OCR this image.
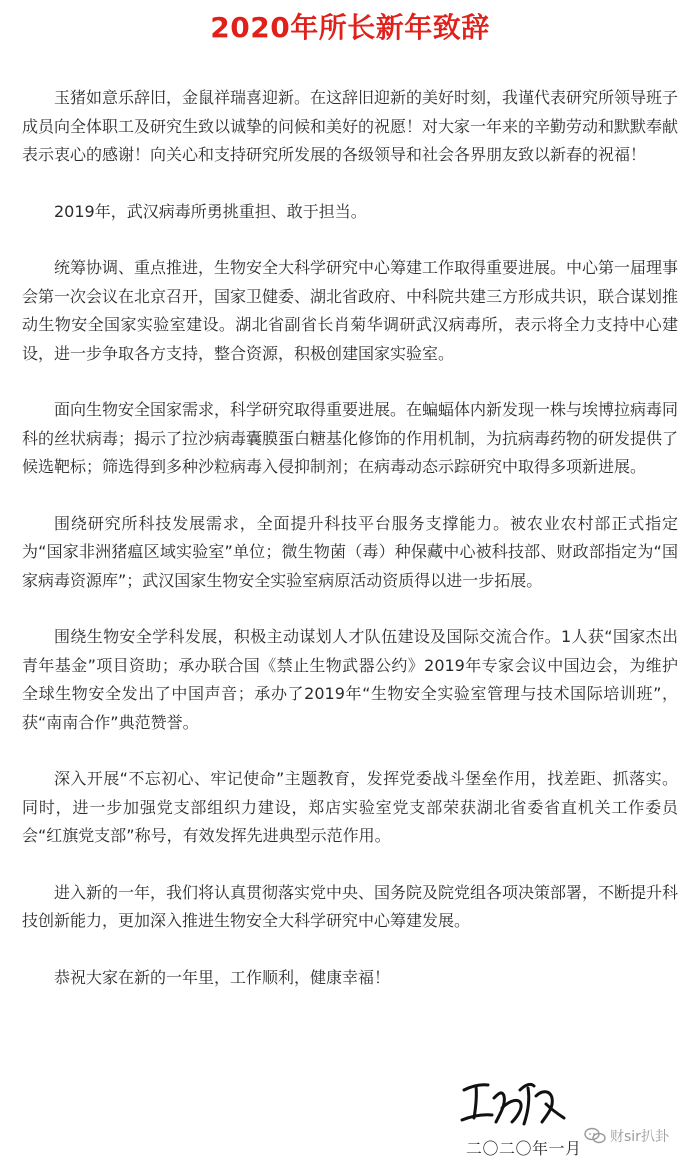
2020年所长新年致辞

玉猪如意乐辞旧，金鼠祥瑞喜迎新。在这辞旧迎新的美好时刻，我谨代表研究所领导班子成员向全体职工及研究生致以诚挚的问候和美好的祝愿！对大家一年来的辛勤劳动和默默奉献表示衷心的感谢！向关心和支持研究所发展的各级领导和社会各界朋友致以新春的祝福！

2019年，武汉病毒所勇挑重担、敢于担当。

统筹协调、重点推进，生物安全大科学研究中心筹建工作取得重要进展。中心第一届理事会第一次会议在北京召开，国家卫健委、湖北省政府、中科院共建三方形成共识，联合谋划推动生物安全国家实验室建设。湖北省副省长肖菊华调研武汉病毒所，表示将全力支持中心建设，进一步争取各方支持，整合资源，积极创建国家实验室。

面向生物安全国家需求，科学研究取得重要进展。在蝙蝠体内新发现一株与埃博拉病毒同科的丝状病毒；揭示了拉沙病毒囊膜蛋白糖基化修饰的作用机制，为抗病毒药物的研发提供了候选靶标；筛选得到多种沙粒病毒入侵抑制剂；在病毒动态示踪研究中取得多项新进展。

围绕研究所科技发展需求，全面提升科技平台服务支撑能力。被农业农村部正式指定为“国家非洲猪瘟区域实验室”单位；微生物菌（毒）种保藏中心被科技部、财政部指定为“国家病毒资源库”；武汉国家生物安全实验室病原活动资质得以进一步拓展。

围绕生物安全学科发展，积极主动谋划人才队伍建设及国际交流合作。1人获“国家杰出青年基金”项目资助；承办联合国《禁止生物武器公约》2019年专家会议中国边会，为维护全球生物安全发出了中国声音；承办了2019年“生物安全实验室管理与技术国际培训班”，获“南南合作”典范赞誉。

深入开展“不忘初心、牢记使命”主题教育，发挥党委战斗堡垒作用，找差距、抓落实。同时，进一步加强党支部组织力建设，郑店实验室党支部荣获湖北省委省直机关工作委员会“红旗党支部”称号，有效发挥先进典型示范作用。

进入新的一年，我们将认真贯彻落实党中央、国务院及院党组各项决策部署，不断提升科技创新能力，更加深入推进生物安全大科学研究中心筹建发展。

恭祝大家在新的一年里，工作顺利，健康幸福！

二〇二〇年一月
财sir扒卦
